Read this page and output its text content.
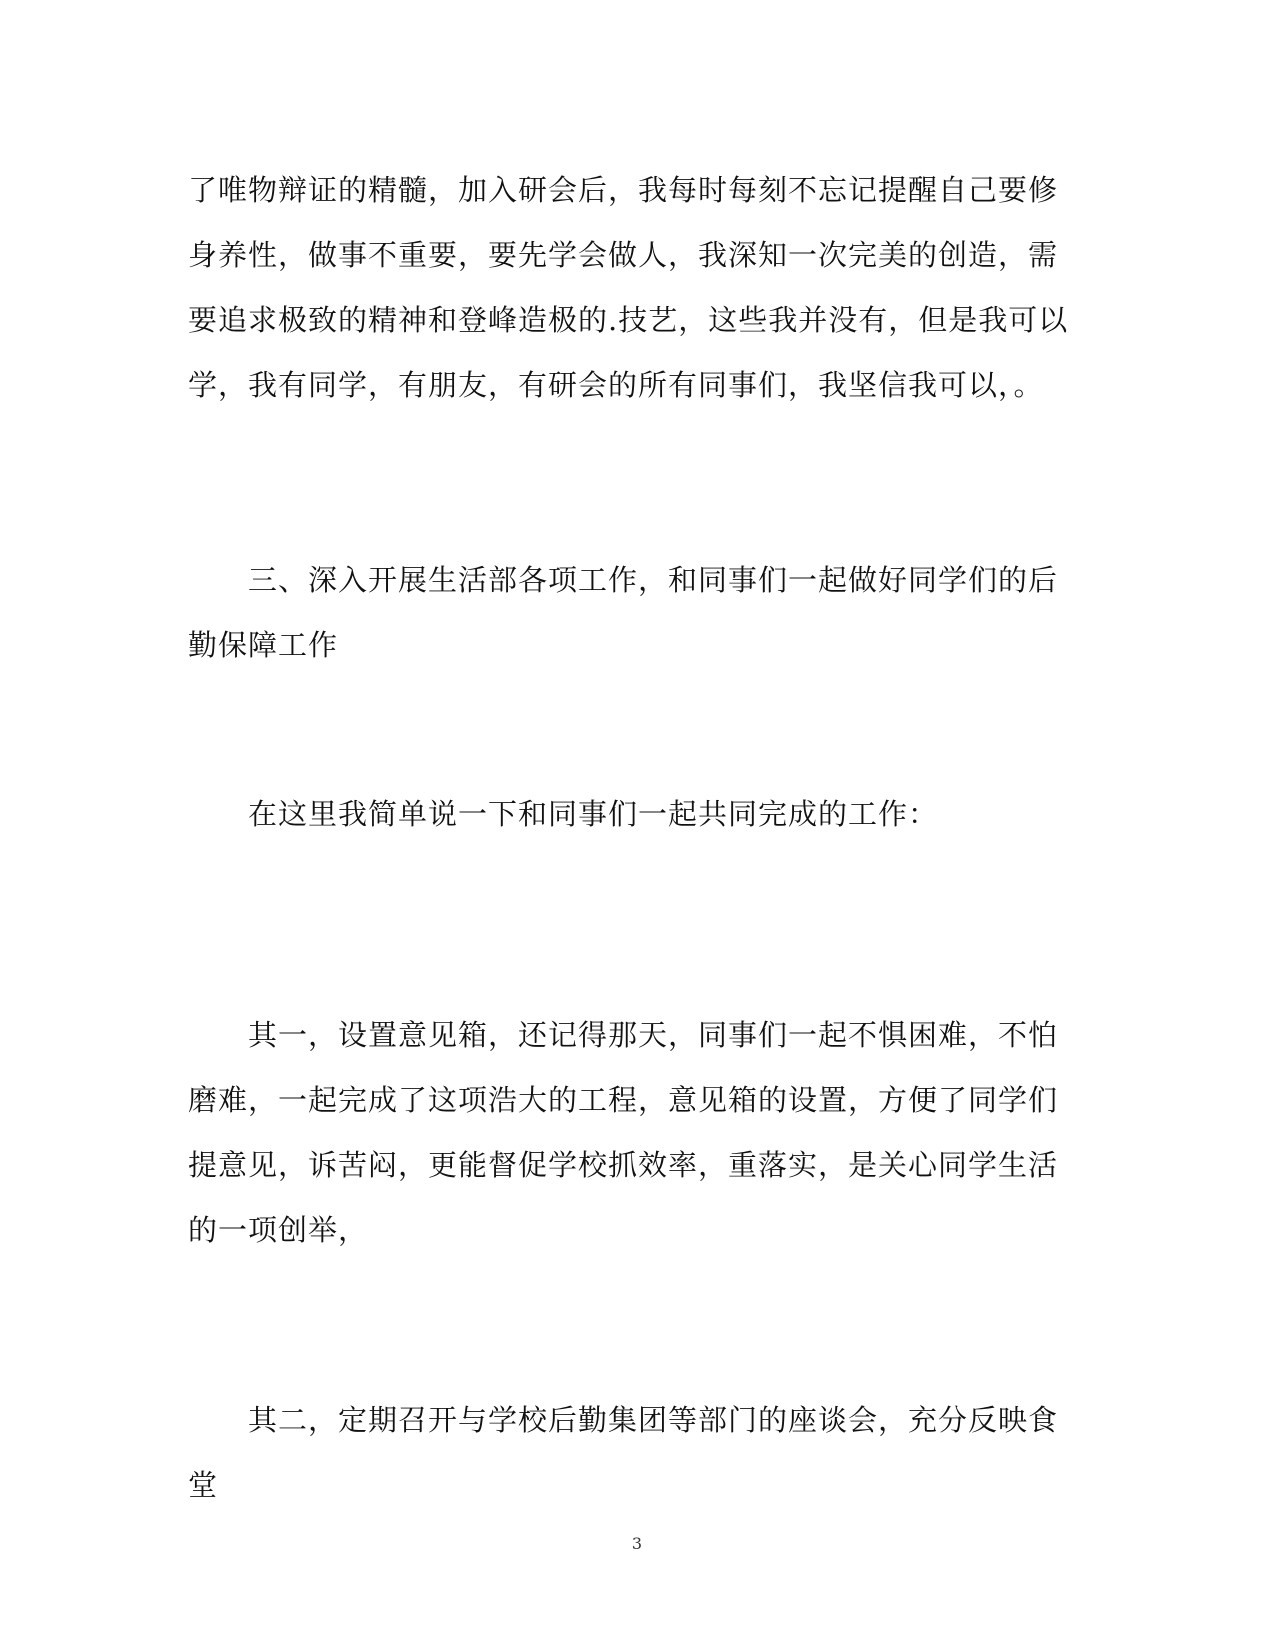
了唯物辩证的精髓，加入研会后，我每时每刻不忘记提醒自己要修身养性，做事不重要，要先学会做人，我深知一次完美的创造，需要追求极致的精神和登峰造极的.技艺，这些我并没有，但是我可以学，我有同学，有朋友，有研会的所有同事们，我坚信我可以，。

三、深入开展生活部各项工作，和同事们一起做好同学们的后勤保障工作

在这里我简单说一下和同事们一起共同完成的工作：

其一，设置意见箱，还记得那天，同事们一起不惧困难，不怕磨难，一起完成了这项浩大的工程，意见箱的设置，方便了同学们提意见，诉苦闷，更能督促学校抓效率，重落实，是关心同学生活的一项创举，

其二，定期召开与学校后勤集团等部门的座谈会，充分反映食堂

3
